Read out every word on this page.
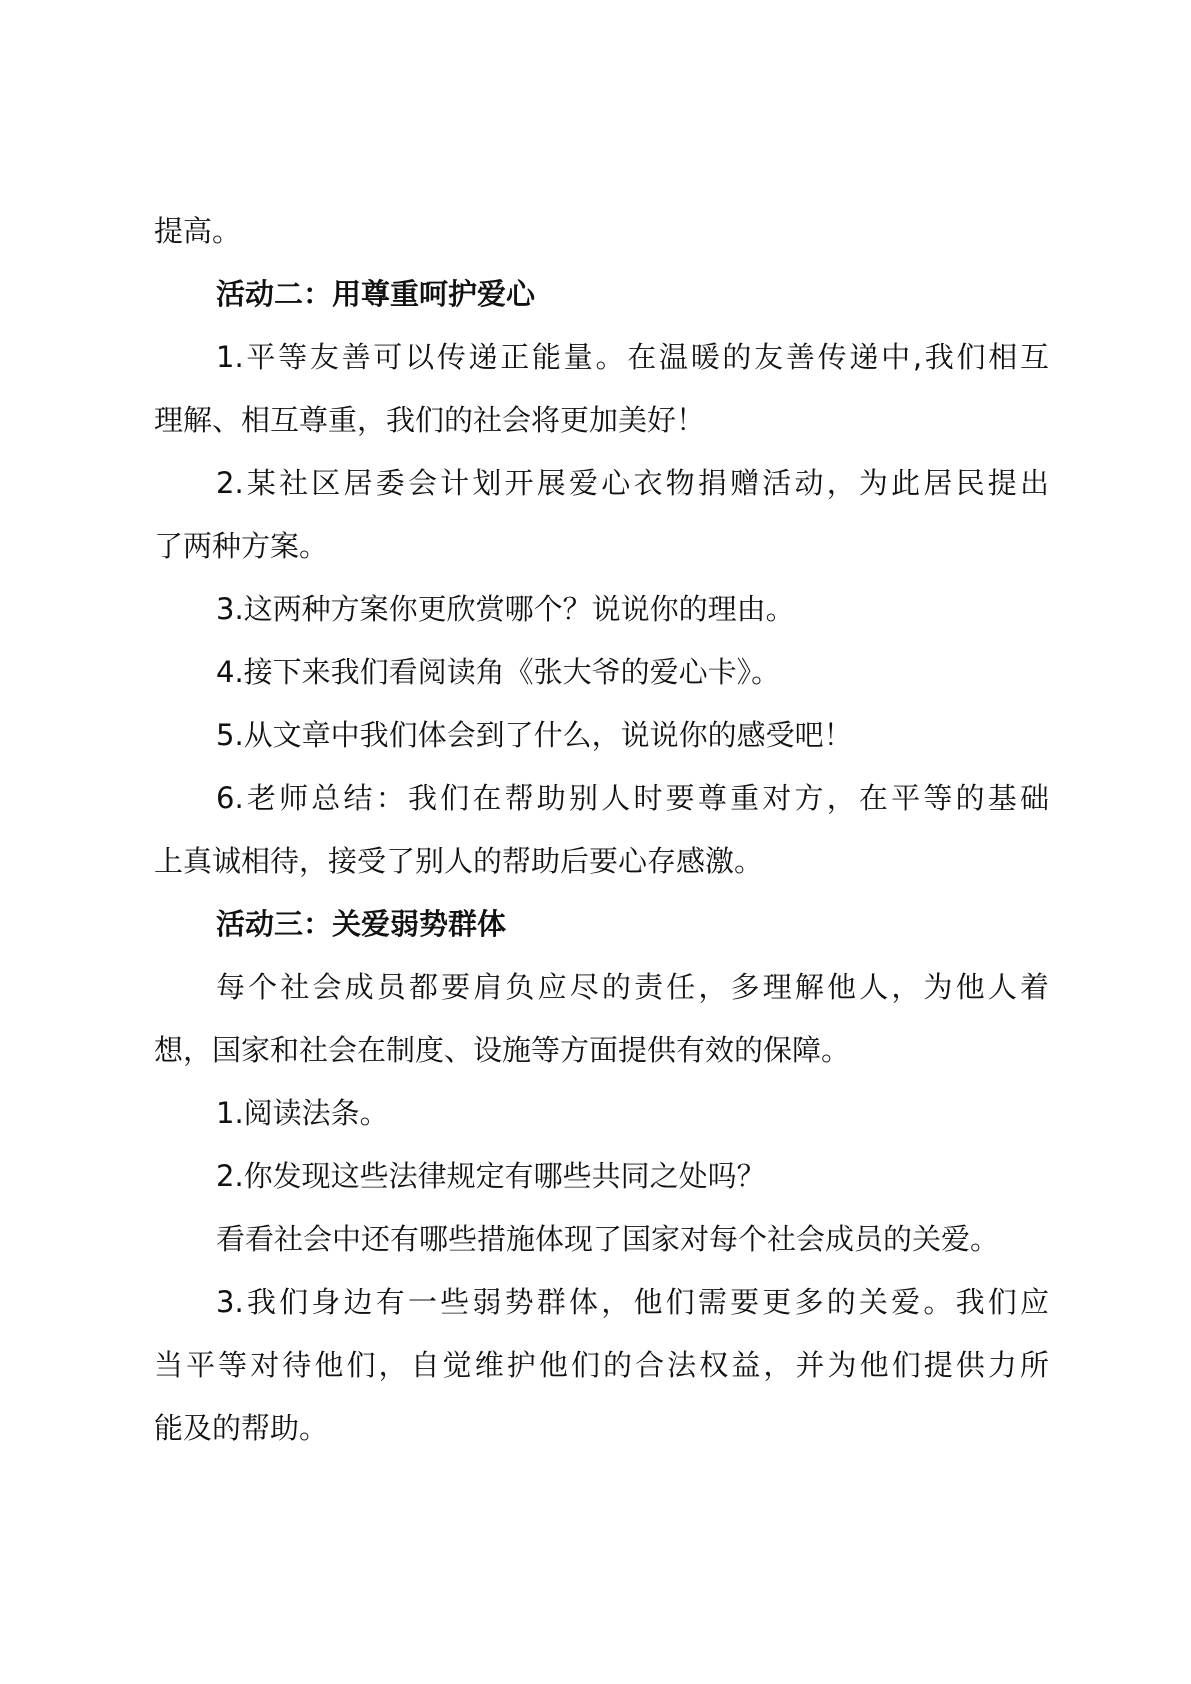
提高。
活动二：用尊重呵护爱心
1.平等友善可以传递正能量。在温暖的友善传递中,我们相互
理解、相互尊重，我们的社会将更加美好！
2.某社区居委会计划开展爱心衣物捐赠活动，为此居民提出
了两种方案。
3.这两种方案你更欣赏哪个？说说你的理由。
4.接下来我们看阅读角《张大爷的爱心卡》。
5.从文章中我们体会到了什么，说说你的感受吧！
6.老师总结：我们在帮助别人时要尊重对方，在平等的基础
上真诚相待，接受了别人的帮助后要心存感激。
活动三：关爱弱势群体
每个社会成员都要肩负应尽的责任，多理解他人，为他人着
想，国家和社会在制度、设施等方面提供有效的保障。
1.阅读法条。
2.你发现这些法律规定有哪些共同之处吗？
看看社会中还有哪些措施体现了国家对每个社会成员的关爱。
3.我们身边有一些弱势群体，他们需要更多的关爱。我们应
当平等对待他们，自觉维护他们的合法权益，并为他们提供力所
能及的帮助。
